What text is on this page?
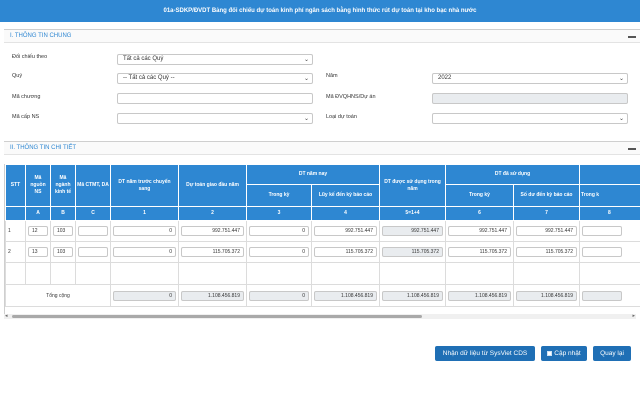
01a-SDKP/ĐVDT Bảng đối chiếu dự toán kinh phí ngân sách bằng hình thức rút dự toán tại kho bạc nhà nước
I. THÔNG TIN CHUNG
Đối chiếu theo	Tất cả các Quý	⌄
Quý	-- Tất cả các Quý --	⌄	Năm	2022	⌄
Mã chương	Mã ĐVQHNS/Dự án
Mã cấp NS	⌄	Loại dự toán	⌄
II. THÔNG TIN CHI TIẾT
STT	Mã nguồn NS	Mã ngành kinh tế	Mã CTMT, DA	DT năm trước chuyển sang	Dự toán giao đầu năm	DT năm nay		DT được sử dụng trong năm	DT đã sử dụng		
						Trong kỳ	Lũy kế đến kỳ báo cáo		Trong kỳ	Số dư đến kỳ báo cáo	Trong k
	A	B	C	1	2	3	4	5=1+4	6	7	8
1	12	103		0	992.751.447	0	992.751.447	992.751.447	992.751.447	992.751.447	

2	13	103		0	115.705.372	0	115.705.372	115.705.372	115.705.372	115.705.372	

Tổng cộng				0	1.108.456.819	0	1.108.456.819	1.108.456.819	1.108.456.819	1.108.456.819	

◂	▸
Nhận dữ liệu từ SysViet CDS	Cập nhật	Quay lại
